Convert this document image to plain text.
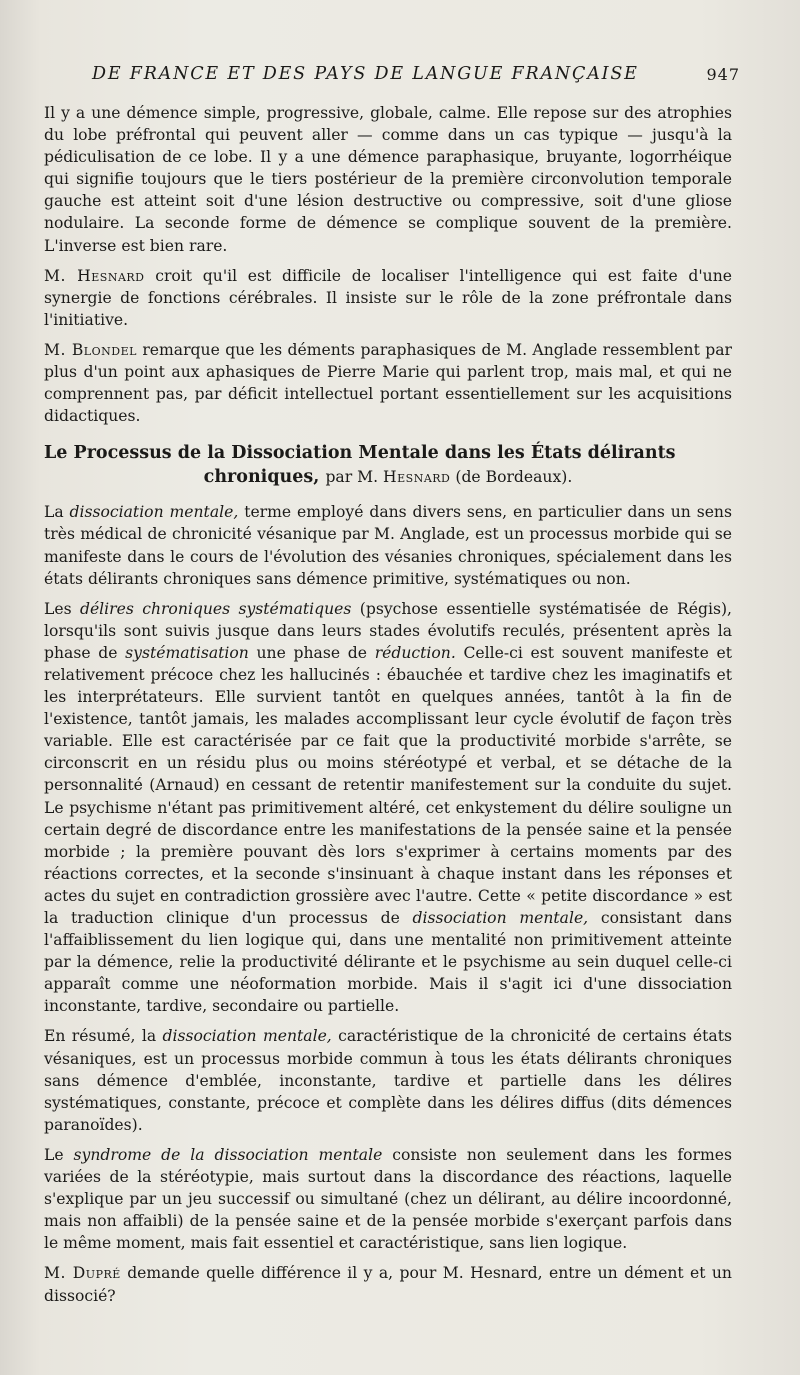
DE FRANCE ET DES PAYS DE LANGUE FRANÇAISE	947

Il y a une démence simple, progressive, globale, calme. Elle repose sur des atrophies du lobe préfrontal qui peuvent aller — comme dans un cas typique — jusqu'à la pédiculisation de ce lobe. Il y a une démence paraphasique, bruyante, logorrhéique qui signifie toujours que le tiers postérieur de la première circonvolution temporale gauche est atteint soit d'une lésion destructive ou compressive, soit d'une gliose nodulaire. La seconde forme de démence se complique souvent de la première. L'inverse est bien rare.

M. Hesnard croit qu'il est difficile de localiser l'intelligence qui est faite d'une synergie de fonctions cérébrales. Il insiste sur le rôle de la zone préfrontale dans l'initiative.

M. Blondel remarque que les déments paraphasiques de M. Anglade ressemblent par plus d'un point aux aphasiques de Pierre Marie qui parlent trop, mais mal, et qui ne comprennent pas, par déficit intellectuel portant essentiellement sur les acquisitions didactiques.

Le Processus de la Dissociation Mentale dans les États délirants
chroniques, par M. Hesnard (de Bordeaux).

La dissociation mentale, terme employé dans divers sens, en particulier dans un sens très médical de chronicité vésanique par M. Anglade, est un processus morbide qui se manifeste dans le cours de l'évolution des vésanies chroniques, spécialement dans les états délirants chroniques sans démence primitive, systématiques ou non.

Les délires chroniques systématiques (psychose essentielle systématisée de Régis), lorsqu'ils sont suivis jusque dans leurs stades évolutifs reculés, présentent après la phase de systématisation une phase de réduction. Celle-ci est souvent manifeste et relativement précoce chez les hallucinés : ébauchée et tardive chez les imaginatifs et les interprétateurs. Elle survient tantôt en quelques années, tantôt à la fin de l'existence, tantôt jamais, les malades accomplissant leur cycle évolutif de façon très variable. Elle est caractérisée par ce fait que la productivité morbide s'arrête, se circonscrit en un résidu plus ou moins stéréotypé et verbal, et se détache de la personnalité (Arnaud) en cessant de retentir manifestement sur la conduite du sujet. Le psychisme n'étant pas primitivement altéré, cet enkystement du délire souligne un certain degré de discordance entre les manifestations de la pensée saine et la pensée morbide ; la première pouvant dès lors s'exprimer à certains moments par des réactions correctes, et la seconde s'insinuant à chaque instant dans les réponses et actes du sujet en contradiction grossière avec l'autre. Cette « petite discordance » est la traduction clinique d'un processus de dissociation mentale, consistant dans l'affaiblissement du lien logique qui, dans une mentalité non primitivement atteinte par la démence, relie la productivité délirante et le psychisme au sein duquel celle-ci apparaît comme une néoformation morbide. Mais il s'agit ici d'une dissociation inconstante, tardive, secondaire ou partielle.

En résumé, la dissociation mentale, caractéristique de la chronicité de certains états vésaniques, est un processus morbide commun à tous les états délirants chroniques sans démence d'emblée, inconstante, tardive et partielle dans les délires systématiques, constante, précoce et complète dans les délires diffus (dits démences paranoïdes).

Le syndrome de la dissociation mentale consiste non seulement dans les formes variées de la stéréotypie, mais surtout dans la discordance des réactions, laquelle s'explique par un jeu successif ou simultané (chez un délirant, au délire incoordonné, mais non affaibli) de la pensée saine et de la pensée morbide s'exerçant parfois dans le même moment, mais fait essentiel et caractéristique, sans lien logique.

M. Dupré demande quelle différence il y a, pour M. Hesnard, entre un dément et un dissocié?
